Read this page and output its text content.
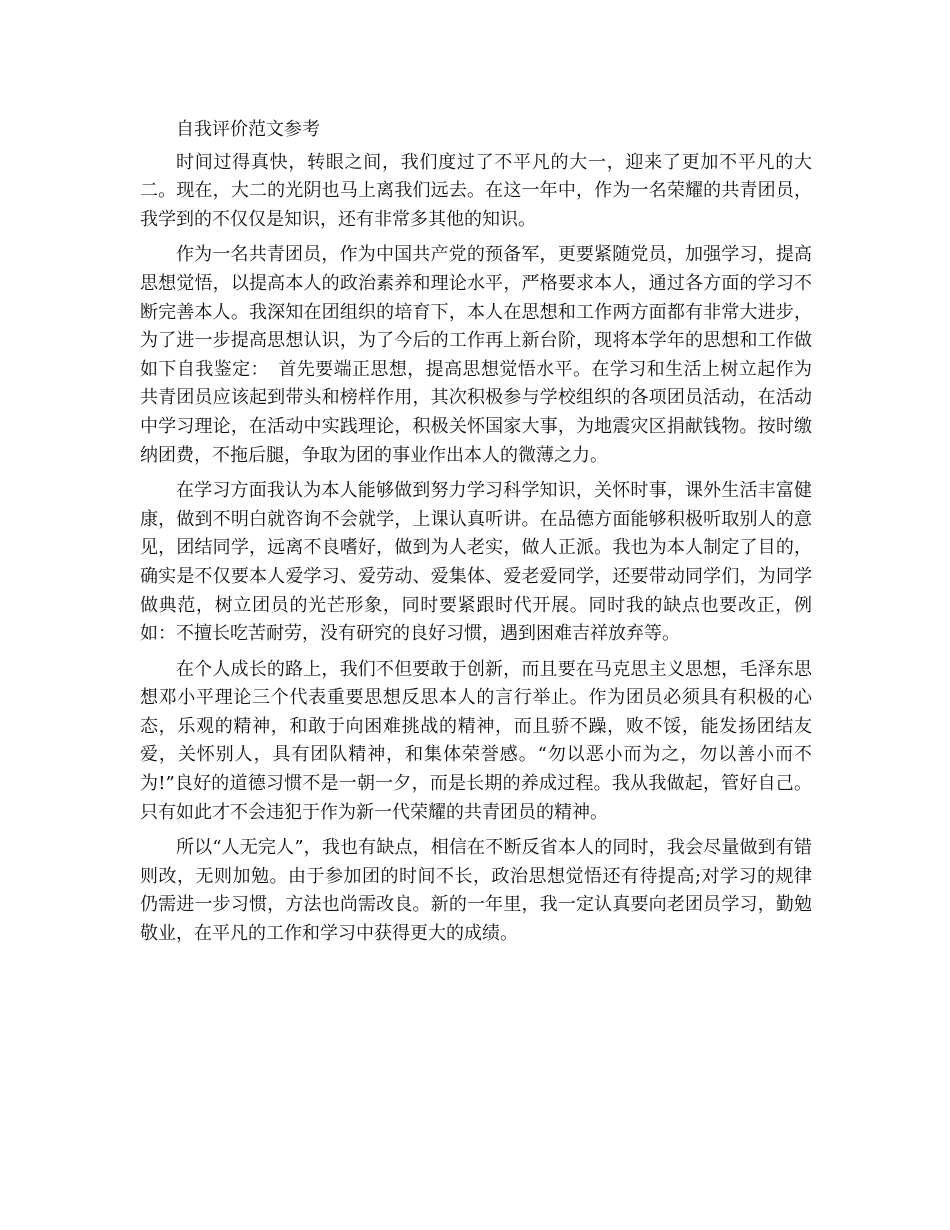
自我评价范文参考

时间过得真快，转眼之间，我们度过了不平凡的大一，迎来了更加不平凡的大二。现在，大二的光阴也马上离我们远去。在这一年中，作为一名荣耀的共青团员，我学到的不仅仅是知识，还有非常多其他的知识。

作为一名共青团员，作为中国共产党的预备军，更要紧随党员，加强学习，提高思想觉悟，以提高本人的政治素养和理论水平，严格要求本人，通过各方面的学习不断完善本人。我深知在团组织的培育下，本人在思想和工作两方面都有非常大进步，为了进一步提高思想认识，为了今后的工作再上新台阶，现将本学年的思想和工作做如下自我鉴定：　首先要端正思想，提高思想觉悟水平。在学习和生活上树立起作为共青团员应该起到带头和榜样作用，其次积极参与学校组织的各项团员活动，在活动中学习理论，在活动中实践理论，积极关怀国家大事，为地震灾区捐献钱物。按时缴纳团费，不拖后腿，争取为团的事业作出本人的微薄之力。

在学习方面我认为本人能够做到努力学习科学知识，关怀时事，课外生活丰富健康，做到不明白就咨询不会就学，上课认真听讲。在品德方面能够积极听取别人的意见，团结同学，远离不良嗜好，做到为人老实，做人正派。我也为本人制定了目的，确实是不仅要本人爱学习、爱劳动、爱集体、爱老爱同学，还要带动同学们，为同学做典范，树立团员的光芒形象，同时要紧跟时代开展。同时我的缺点也要改正，例如：不擅长吃苦耐劳，没有研究的良好习惯，遇到困难吉祥放弃等。

在个人成长的路上，我们不但要敢于创新，而且要在马克思主义思想，毛泽东思想邓小平理论三个代表重要思想反思本人的言行举止。作为团员必须具有积极的心态，乐观的精神，和敢于向困难挑战的精神，而且骄不躁，败不馁，能发扬团结友爱，关怀别人，具有团队精神，和集体荣誉感。“勿以恶小而为之，勿以善小而不为!”良好的道德习惯不是一朝一夕，而是长期的养成过程。我从我做起，管好自己。只有如此才不会违犯于作为新一代荣耀的共青团员的精神。

所以“人无完人”，我也有缺点，相信在不断反省本人的同时，我会尽量做到有错则改，无则加勉。由于参加团的时间不长，政治思想觉悟还有待提高;对学习的规律仍需进一步习惯，方法也尚需改良。新的一年里，我一定认真要向老团员学习，勤勉敬业，在平凡的工作和学习中获得更大的成绩。
